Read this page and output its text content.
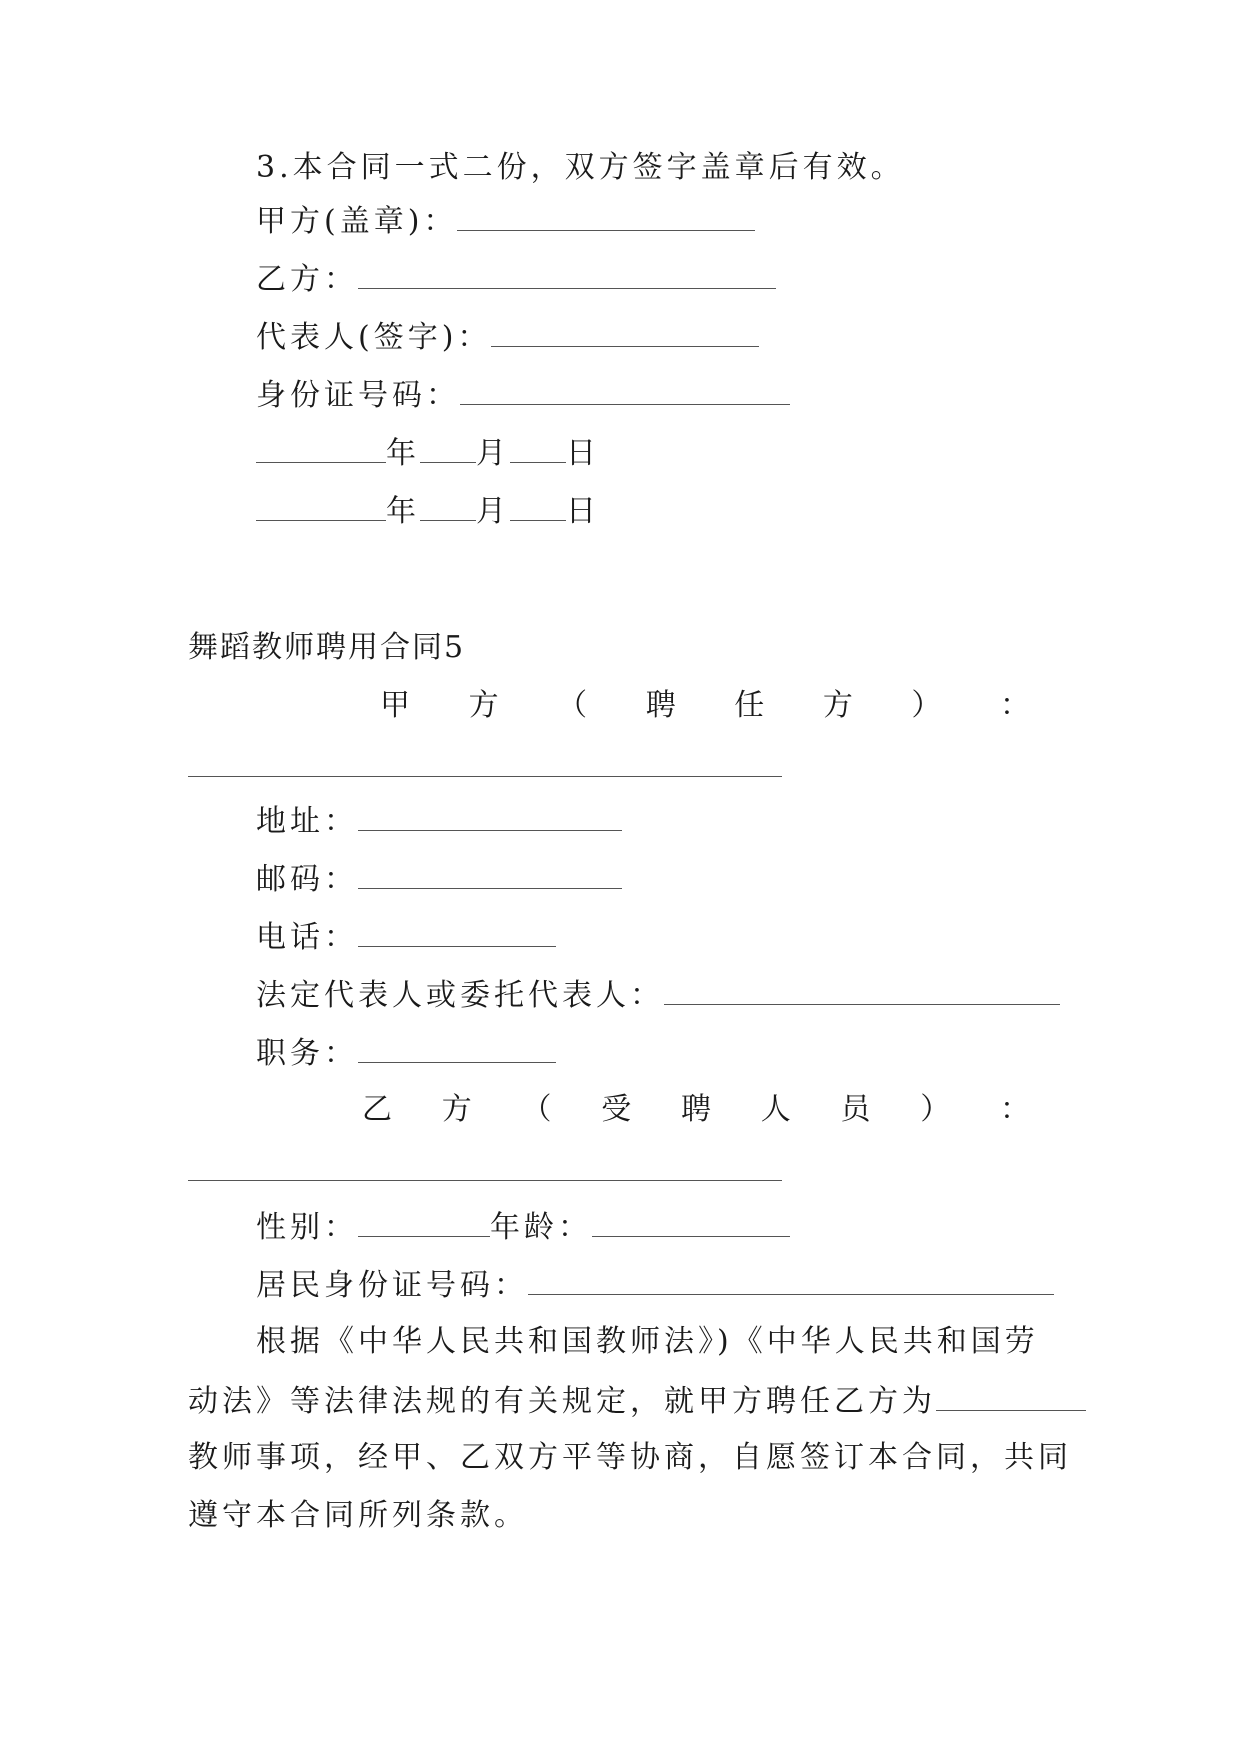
3.本合同一式二份，双方签字盖章后有效。
甲方(盖章)：
乙方：
代表人(签字)：
身份证号码：
年 月 日
年 月 日
舞蹈教师聘用合同5
甲 方 （ 聘 任 方 ） ：
地址：
邮码：
电话：
法定代表人或委托代表人：
职务：
乙 方 （ 受 聘 人 员 ） ：
性别：	年龄：
居民身份证号码：
根据《中华人民共和国教师法》)《中华人民共和国劳
动法》等法律法规的有关规定，就甲方聘任乙方为
教师事项，经甲、乙双方平等协商，自愿签订本合同，共同
遵守本合同所列条款。
